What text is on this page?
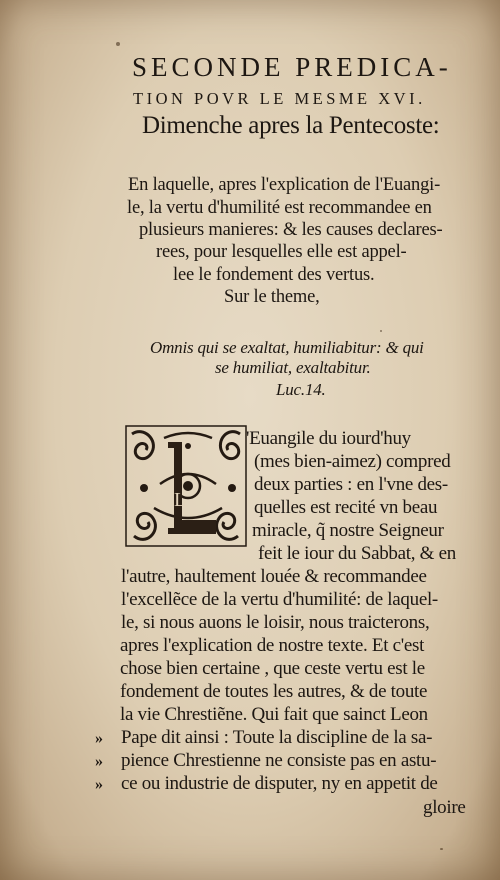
SECONDE PREDICA-
TION POVR LE MESME XVI.
Dimenche apres la Pentecoste:
En laquelle, apres l'explication de l'Euangi-
le, la vertu d'humilité est recommandee en
plusieurs manieres: & les causes declares-
rees, pour lesquelles elle est appel-
lee le fondement des vertus.
Sur le theme,
Omnis qui se exaltat, humiliabitur: & qui
se humiliat, exaltabitur.
Luc.14.
L
'Euangile du iourd'huy
(mes bien-aimez) compred
deux parties : en l'vne des-
quelles est recité vn beau
miracle, q̃ nostre Seigneur
feit le iour du Sabbat, & en
l'autre, haultement louée & recommandee
l'excellẽce de la vertu d'humilité: de laquel-
le, si nous auons le loisir, nous traicterons,
apres l'explication de nostre texte. Et c'est
chose bien certaine , que ceste vertu est le
fondement de toutes les autres, & de toute
la vie Chrestiẽne. Qui fait que sainct Leon
» Pape dit ainsi : Toute la discipline de la sa-
» pience Chrestienne ne consiste pas en astu-
» ce ou industrie de disputer, ny en appetit de
gloire
